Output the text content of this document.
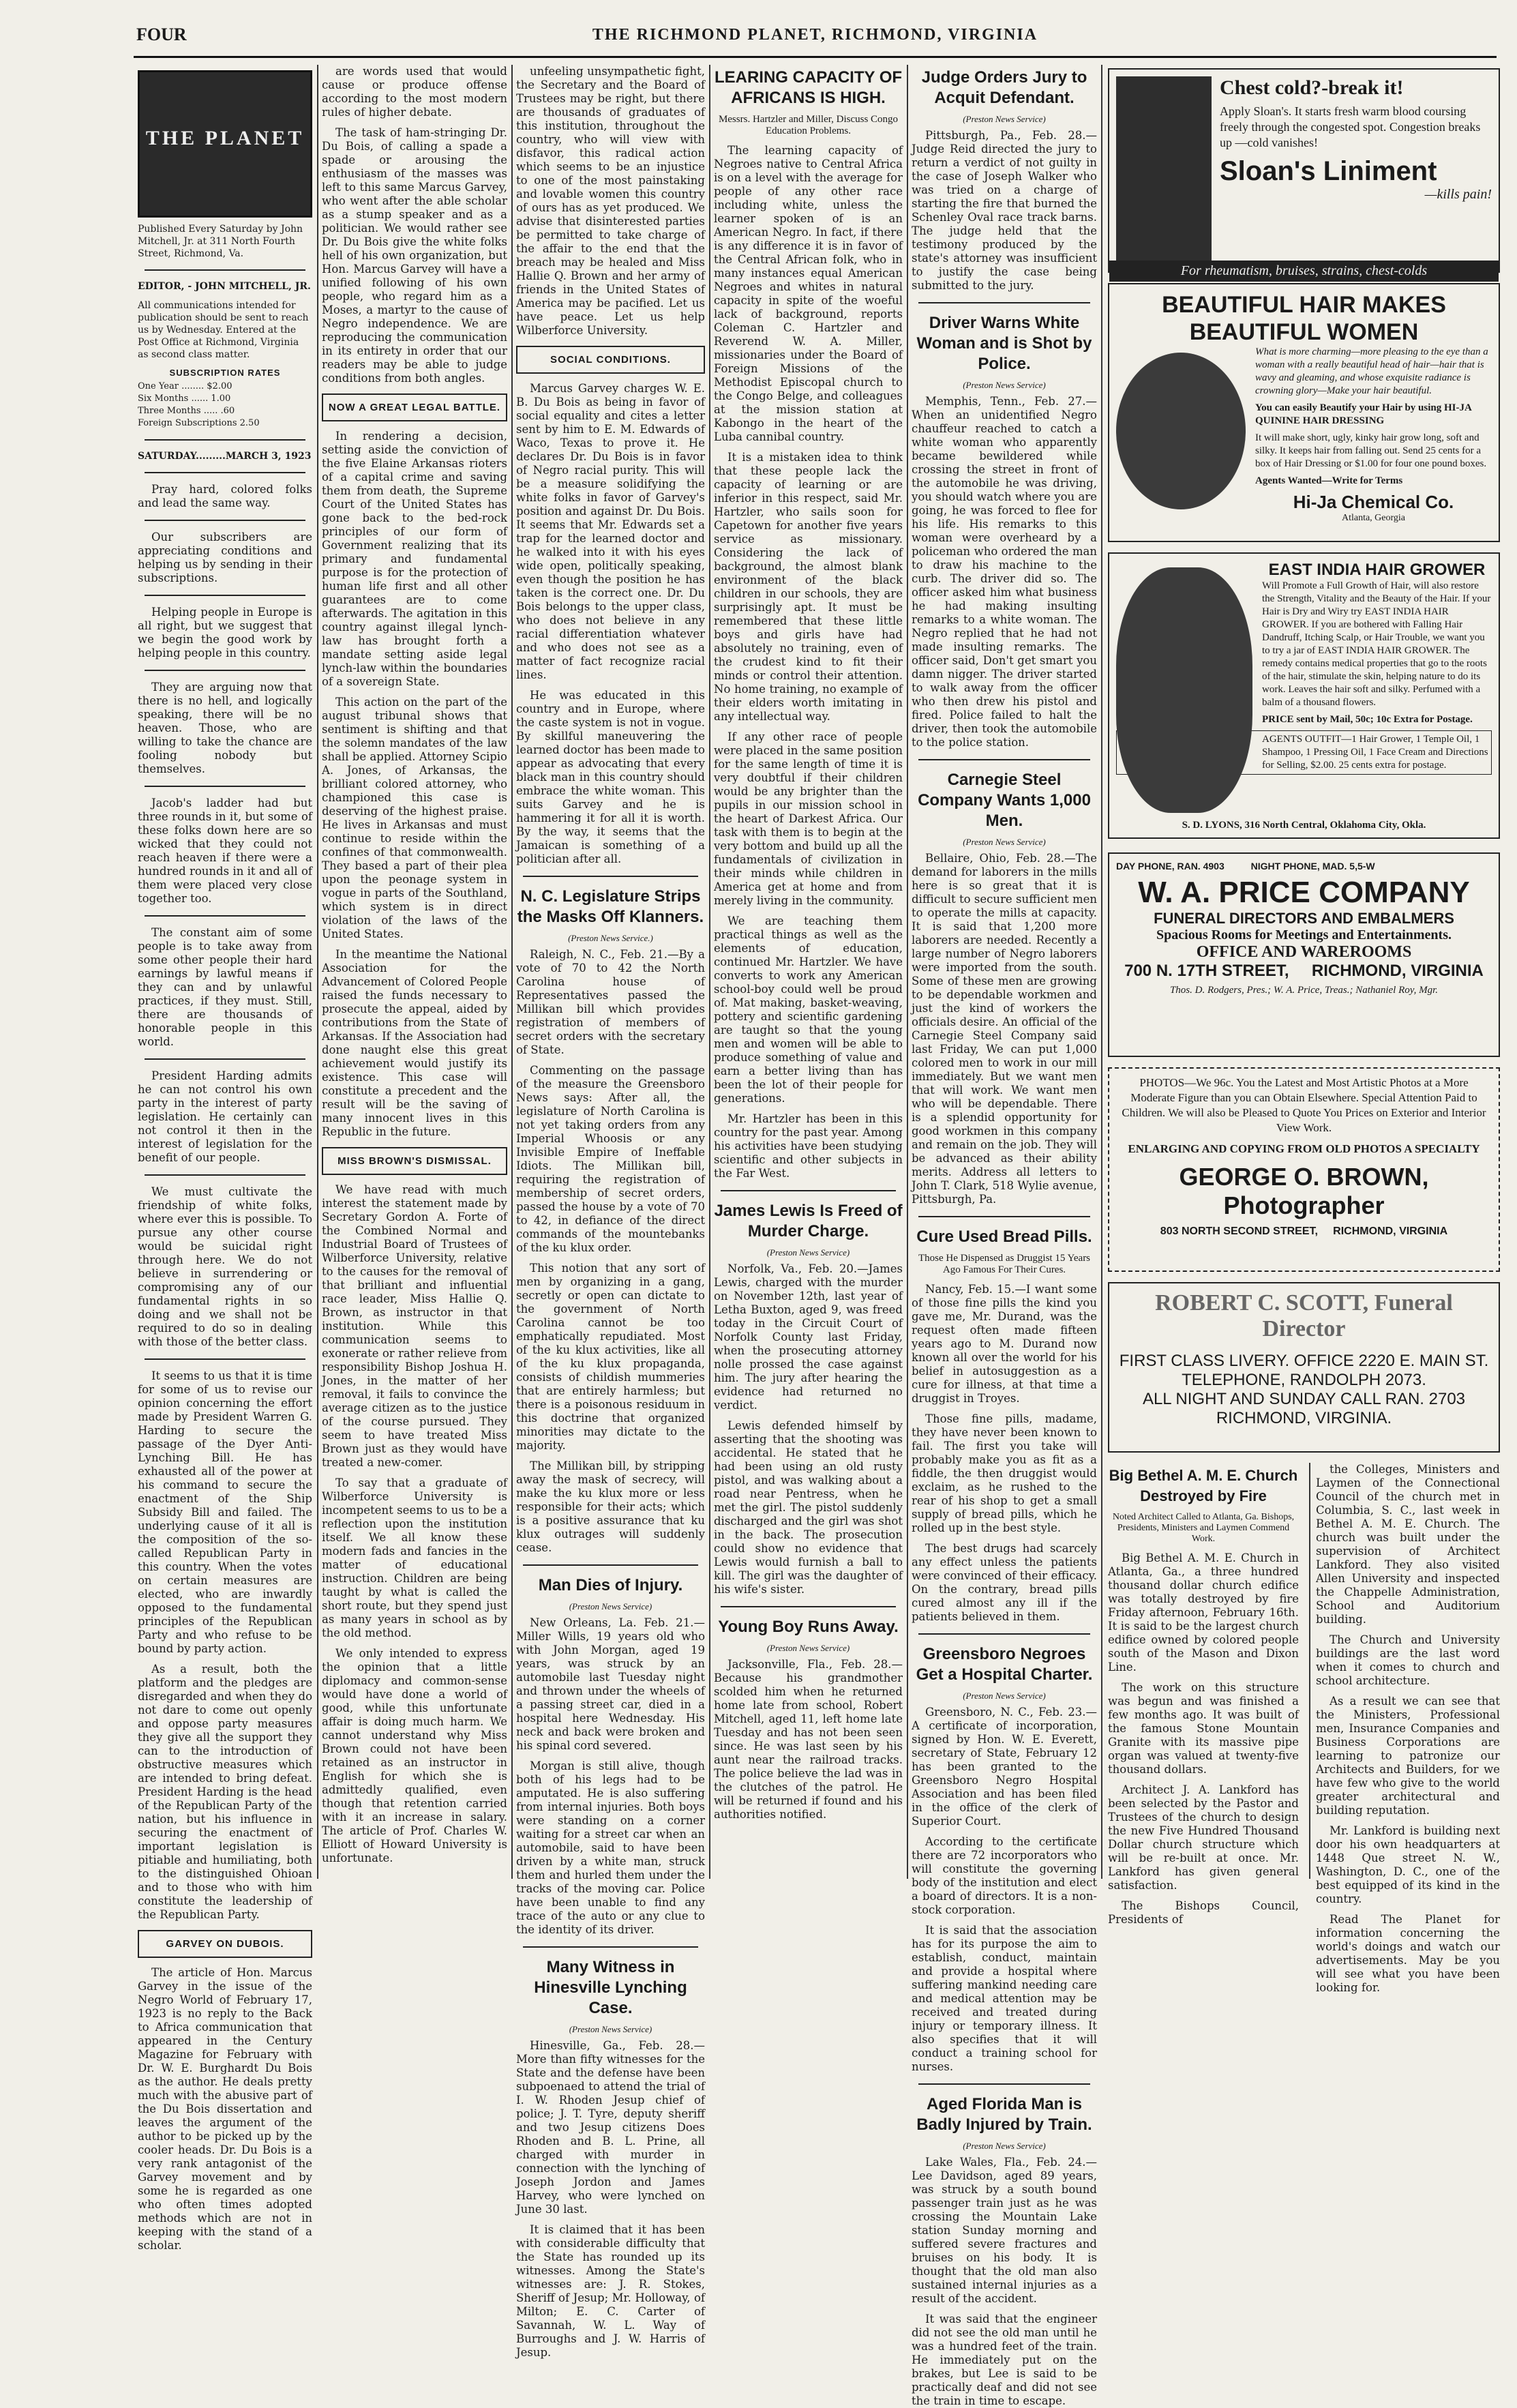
FOUR	THE RICHMOND PLANET, RICHMOND, VIRGINIA
THE PLANET

Published Every Saturday by John Mitchell, Jr. at 311 North Fourth Street, Richmond, Va.

EDITOR, - JOHN MITCHELL, JR.

All communications intended for publication should be sent to reach us by Wednesday. Entered at the Post Office at Richmond, Virginia as second class matter.

SUBSCRIPTION RATES
One Year ........ $2.00
Six Months ...... 1.00
Three Months ..... .60
Foreign Subscriptions 2.50

SATURDAY.........MARCH 3, 1923

Pray hard, colored folks and lead the same way.

Our subscribers are appreciating conditions and helping us by sending in their subscriptions.

Helping people in Europe is all right, but we suggest that we begin the good work by helping people in this country.

They are arguing now that there is no hell, and logically speaking, there will be no heaven. Those, who are willing to take the chance are fooling nobody but themselves.

Jacob's ladder had but three rounds in it, but some of these folks down here are so wicked that they could not reach heaven if there were a hundred rounds in it and all of them were placed very close together too.

The constant aim of some people is to take away from some other people their hard earnings by lawful means if they can and by unlawful practices, if they must. Still, there are thousands of honorable people in this world.

President Harding admits he can not control his own party in the interest of party legislation. He certainly can not control it then in the interest of legislation for the benefit of our people.

We must cultivate the friendship of white folks, where ever this is possible. To pursue any other course would be suicidal right through here. We do not believe in surrendering or compromising any of our fundamental rights in so doing and we shall not be required to do so in dealing with those of the better class.

It seems to us that it is time for some of us to revise our opinion concerning the effort made by President Warren G. Harding to secure the passage of the Dyer Anti-Lynching Bill. He has exhausted all of the power at his command to secure the enactment of the Ship Subsidy Bill and failed. The underlying cause of it all is the composition of the so-called Republican Party in this country. When the votes on certain measures are elected, who are inwardly opposed to the fundamental principles of the Republican Party and who refuse to be bound by party action.

As a result, both the platform and the pledges are disregarded and when they do not dare to come out openly and oppose party measures they give all the support they can to the introduction of obstructive measures which are intended to bring defeat. President Harding is the head of the Republican Party of the nation, but his influence in securing the enactment of important legislation is pitiable and humiliating, both to the distinguished Ohioan and to those who with him constitute the leadership of the Republican Party.

GARVEY ON DUBOIS.

The article of Hon. Marcus Garvey in the issue of the Negro World of February 17, 1923 is no reply to the Back to Africa communication that appeared in the Century Magazine for February with Dr. W. E. Burghardt Du Bois as the author. He deals pretty much with the abusive part of the Du Bois dissertation and leaves the argument of the author to be picked up by the cooler heads. Dr. Du Bois is a very rank antagonist of the Garvey movement and by some he is regarded as one who often times adopted methods which are not in keeping with the stand of a scholar.

are words used that would cause or produce offense according to the most modern rules of higher debate.

The task of ham-stringing Dr. Du Bois, of calling a spade a spade or arousing the enthusiasm of the masses was left to this same Marcus Garvey, who went after the able scholar as a stump speaker and as a politician. We would rather see Dr. Du Bois give the white folks hell of his own organization, but Hon. Marcus Garvey will have a unified following of his own people, who regard him as a Moses, a martyr to the cause of Negro independence. We are reproducing the communication in its entirety in order that our readers may be able to judge conditions from both angles.

NOW A GREAT LEGAL BATTLE.

In rendering a decision, setting aside the conviction of the five Elaine Arkansas rioters of a capital crime and saving them from death, the Supreme Court of the United States has gone back to the bed-rock principles of our form of Government realizing that its primary and fundamental purpose is for the protection of human life first and all other guarantees are to come afterwards. The agitation in this country against illegal lynch-law has brought forth a mandate setting aside legal lynch-law within the boundaries of a sovereign State.

This action on the part of the august tribunal shows that sentiment is shifting and that the solemn mandates of the law shall be applied. Attorney Scipio A. Jones, of Arkansas, the brilliant colored attorney, who championed this case is deserving of the highest praise. He lives in Arkansas and must continue to reside within the confines of that commonwealth. They based a part of their plea upon the peonage system in vogue in parts of the Southland, which system is in direct violation of the laws of the United States.

In the meantime the National Association for the Advancement of Colored People raised the funds necessary to prosecute the appeal, aided by contributions from the State of Arkansas. If the Association had done naught else this great achievement would justify its existence. This case will constitute a precedent and the result will be the saving of many innocent lives in this Republic in the future.

MISS BROWN'S DISMISSAL.

We have read with much interest the statement made by Secretary Gordon A. Forte of the Combined Normal and Industrial Board of Trustees of Wilberforce University, relative to the causes for the removal of that brilliant and influential race leader, Miss Hallie Q. Brown, as instructor in that institution. While this communication seems to exonerate or rather relieve from responsibility Bishop Joshua H. Jones, in the matter of her removal, it fails to convince the average citizen as to the justice of the course pursued. They seem to have treated Miss Brown just as they would have treated a new-comer.

To say that a graduate of Wilberforce University is incompetent seems to us to be a reflection upon the institution itself. We all know these modern fads and fancies in the matter of educational instruction. Children are being taught by what is called the short route, but they spend just as many years in school as by the old method.

We only intended to express the opinion that a little diplomacy and common-sense would have done a world of good, while this unfortunate affair is doing much harm. We cannot understand why Miss Brown could not have been retained as an instructor in English for which she is admittedly qualified, even though that retention carried with it an increase in salary. The article of Prof. Charles W. Elliott of Howard University is unfortunate.

unfeeling unsympathetic fight, the Secretary and the Board of Trustees may be right, but there are thousands of graduates of this institution, throughout the country, who will view with disfavor, this radical action which seems to be an injustice to one of the most painstaking and lovable women this country of ours has as yet produced. We advise that disinterested parties be permitted to take charge of the affair to the end that the breach may be healed and Miss Hallie Q. Brown and her army of friends in the United States of America may be pacified. Let us have peace. Let us help Wilberforce University.

SOCIAL CONDITIONS.

Marcus Garvey charges W. E. B. Du Bois as being in favor of social equality and cites a letter sent by him to E. M. Edwards of Waco, Texas to prove it. He declares Dr. Du Bois is in favor of Negro racial purity. This will be a measure solidifying the white folks in favor of Garvey's position and against Dr. Du Bois. It seems that Mr. Edwards set a trap for the learned doctor and he walked into it with his eyes wide open, politically speaking, even though the position he has taken is the correct one. Dr. Du Bois belongs to the upper class, who does not believe in any racial differentiation whatever and who does not see as a matter of fact recognize racial lines.

He was educated in this country and in Europe, where the caste system is not in vogue. By skillful maneuvering the learned doctor has been made to appear as advocating that every black man in this country should embrace the white woman. This suits Garvey and he is hammering it for all it is worth. By the way, it seems that the Jamaican is something of a politician after all.

N. C. Legislature Strips the Masks Off Klanners.
(Preston News Service.)

Raleigh, N. C., Feb. 21.—By a vote of 70 to 42 the North Carolina house of Representatives passed the Millikan bill which provides registration of members of secret orders with the secretary of State.

Commenting on the passage of the measure the Greensboro News says: After all, the legislature of North Carolina is not yet taking orders from any Imperial Whoosis or any Invisible Empire of Ineffable Idiots. The Millikan bill, requiring the registration of membership of secret orders, passed the house by a vote of 70 to 42, in defiance of the direct commands of the mountebanks of the ku klux order.

This notion that any sort of men by organizing in a gang, secretly or open can dictate to the government of North Carolina cannot be too emphatically repudiated. Most of the ku klux activities, like all of the ku klux propaganda, consists of childish mummeries that are entirely harmless; but there is a poisonous residuum in this doctrine that organized minorities may dictate to the majority.

The Millikan bill, by stripping away the mask of secrecy, will make the ku klux more or less responsible for their acts; which is a positive assurance that ku klux outrages will suddenly cease.

Man Dies of Injury.
(Preston News Service)

New Orleans, La. Feb. 21.—Miller Wills, 19 years old who with John Morgan, aged 19 years, was struck by an automobile last Tuesday night and thrown under the wheels of a passing street car, died in a hospital here Wednesday. His neck and back were broken and his spinal cord severed.

Morgan is still alive, though both of his legs had to be amputated. He is also suffering from internal injuries. Both boys were standing on a corner waiting for a street car when an automobile, said to have been driven by a white man, struck them and hurled them under the tracks of the moving car. Police have been unable to find any trace of the auto or any clue to the identity of its driver.

Many Witness in Hinesville Lynching Case.
(Preston News Service)

Hinesville, Ga., Feb. 28.—More than fifty witnesses for the State and the defense have been subpoenaed to attend the trial of I. W. Rhoden Jesup chief of police; J. T. Tyre, deputy sheriff and two Jesup citizens Does Rhoden and B. L. Prine, all charged with murder in connection with the lynching of Joseph Jordon and James Harvey, who were lynched on June 30 last.

It is claimed that it has been with considerable difficulty that the State has rounded up its witnesses. Among the State's witnesses are: J. R. Stokes, Sheriff of Jesup; Mr. Holloway, of Milton; E. C. Carter of Savannah, W. L. Way of Burroughs and J. W. Harris of Jesup.

LEARING CAPACITY OF AFRICANS IS HIGH.
Messrs. Hartzler and Miller, Discuss Congo Education Problems.

The learning capacity of Negroes native to Central Africa is on a level with the average for people of any other race including white, unless the learner spoken of is an American Negro. In fact, if there is any difference it is in favor of the Central African folk, who in many instances equal American Negroes and whites in natural capacity in spite of the woeful lack of background, reports Coleman C. Hartzler and Reverend W. A. Miller, missionaries under the Board of Foreign Missions of the Methodist Episcopal church to the Congo Belge, and colleagues at the mission station at Kabongo in the heart of the Luba cannibal country.

It is a mistaken idea to think that these people lack the capacity of learning or are inferior in this respect, said Mr. Hartzler, who sails soon for Capetown for another five years service as missionary. Considering the lack of background, the almost blank environment of the black children in our schools, they are surprisingly apt. It must be remembered that these little boys and girls have had absolutely no training, even of the crudest kind to fit their minds or control their attention. No home training, no example of their elders worth imitating in any intellectual way.

If any other race of people were placed in the same position for the same length of time it is very doubtful if their children would be any brighter than the pupils in our mission school in the heart of Darkest Africa. Our task with them is to begin at the very bottom and build up all the fundamentals of civilization in their minds while children in America get at home and from merely living in the community.

We are teaching them practical things as well as the elements of education, continued Mr. Hartzler. We have converts to work any American school-boy could well be proud of. Mat making, basket-weaving, pottery and scientific gardening are taught so that the young men and women will be able to produce something of value and earn a better living than has been the lot of their people for generations.

Mr. Hartzler has been in this country for the past year. Among his activities have been studying scientific and other subjects in the Far West.

James Lewis Is Freed of Murder Charge.
(Preston News Service)

Norfolk, Va., Feb. 20.—James Lewis, charged with the murder on November 12th, last year of Letha Buxton, aged 9, was freed today in the Circuit Court of Norfolk County last Friday, when the prosecuting attorney nolle prossed the case against him. The jury after hearing the evidence had returned no verdict.

Lewis defended himself by asserting that the shooting was accidental. He stated that he had been using an old rusty pistol, and was walking about a road near Pentress, when he met the girl. The pistol suddenly discharged and the girl was shot in the back. The prosecution could show no evidence that Lewis would furnish a ball to kill. The girl was the daughter of his wife's sister.

Young Boy Runs Away.
(Preston News Service)

Jacksonville, Fla., Feb. 28.—Because his grandmother scolded him when he returned home late from school, Robert Mitchell, aged 11, left home late Tuesday and has not been seen since. He was last seen by his aunt near the railroad tracks. The police believe the lad was in the clutches of the patrol. He will be returned if found and his authorities notified.

Judge Orders Jury to Acquit Defendant.
(Preston News Service)

Pittsburgh, Pa., Feb. 28.—Judge Reid directed the jury to return a verdict of not guilty in the case of Joseph Walker who was tried on a charge of starting the fire that burned the Schenley Oval race track barns. The judge held that the testimony produced by the state's attorney was insufficient to justify the case being submitted to the jury.

Driver Warns White Woman and is Shot by Police.
(Preston News Service)

Memphis, Tenn., Feb. 27.—When an unidentified Negro chauffeur reached to catch a white woman who apparently became bewildered while crossing the street in front of the automobile he was driving, you should watch where you are going, he was forced to flee for his life. His remarks to this woman were overheard by a policeman who ordered the man to draw his machine to the curb. The driver did so. The officer asked him what business he had making insulting remarks to a white woman. The Negro replied that he had not made insulting remarks. The officer said, Don't get smart you damn nigger. The driver started to walk away from the officer who then drew his pistol and fired. Police failed to halt the driver, then took the automobile to the police station.

Carnegie Steel Company Wants 1,000 Men.
(Preston News Service)

Bellaire, Ohio, Feb. 28.—The demand for laborers in the mills here is so great that it is difficult to secure sufficient men to operate the mills at capacity. It is said that 1,200 more laborers are needed. Recently a large number of Negro laborers were imported from the south. Some of these men are growing to be dependable workmen and just the kind of workers the officials desire. An official of the Carnegie Steel Company said last Friday, We can put 1,000 colored men to work in our mill immediately. But we want men that will work. We want men who will be dependable. There is a splendid opportunity for good workmen in this company and remain on the job. They will be advanced as their ability merits. Address all letters to John T. Clark, 518 Wylie avenue, Pittsburgh, Pa.

Cure Used Bread Pills.
Those He Dispensed as Druggist 15 Years Ago Famous For Their Cures.

Nancy, Feb. 15.—I want some of those fine pills the kind you gave me, Mr. Durand, was the request often made fifteen years ago to M. Durand now known all over the world for his belief in autosuggestion as a cure for illness, at that time a druggist in Troyes.

Those fine pills, madame, they have never been known to fail. The first you take will probably make you as fit as a fiddle, the then druggist would exclaim, as he rushed to the rear of his shop to get a small supply of bread pills, which he rolled up in the best style.

The best drugs had scarcely any effect unless the patients were convinced of their efficacy. On the contrary, bread pills cured almost any ill if the patients believed in them.

Greensboro Negroes Get a Hospital Charter.
(Preston News Service)

Greensboro, N. C., Feb. 23.—A certificate of incorporation, signed by Hon. W. E. Everett, secretary of State, February 12 has been granted to the Greensboro Negro Hospital Association and has been filed in the office of the clerk of Superior Court.

According to the certificate there are 72 incorporators who will constitute the governing body of the institution and elect a board of directors. It is a non-stock corporation.

It is said that the association has for its purpose the aim to establish, conduct, maintain and provide a hospital where suffering mankind needing care and medical attention may be received and treated during injury or temporary illness. It also specifies that it will conduct a training school for nurses.

Aged Florida Man is Badly Injured by Train.
(Preston News Service)

Lake Wales, Fla., Feb. 24.—Lee Davidson, aged 89 years, was struck by a south bound passenger train just as he was crossing the Mountain Lake station Sunday morning and suffered severe fractures and bruises on his body. It is thought that the old man also sustained internal injuries as a result of the accident.

It was said that the engineer did not see the old man until he was a hundred feet of the train. He immediately put on the brakes, but Lee is said to be practically deaf and did not see the train in time to escape.

Chest cold?-break it!
Apply Sloan's. It starts fresh warm blood coursing freely through the congested spot. Congestion breaks up —cold vanishes!
Sloan's Liniment
—kills pain!
For rheumatism, bruises, strains, chest-colds
BEAUTIFUL HAIR MAKES BEAUTIFUL WOMEN
What is more charming—more pleasing to the eye than a woman with a really beautiful head of hair—hair that is wavy and gleaming, and whose exquisite radiance is crowning glory—Make your hair beautiful.
You can easily Beautify your Hair by using HI-JA QUININE HAIR DRESSING
It will make short, ugly, kinky hair grow long, soft and silky. It keeps hair from falling out. Send 25 cents for a box of Hair Dressing or $1.00 for four one pound boxes.
Agents Wanted—Write for Terms
Hi-Ja Chemical Co.
Atlanta, Georgia
EAST INDIA HAIR GROWER
Will Promote a Full Growth of Hair, will also restore the Strength, Vitality and the Beauty of the Hair. If your Hair is Dry and Wiry try EAST INDIA HAIR GROWER. If you are bothered with Falling Hair Dandruff, Itching Scalp, or Hair Trouble, we want you to try a jar of EAST INDIA HAIR GROWER. The remedy contains medical properties that go to the roots of the hair, stimulate the skin, helping nature to do its work. Leaves the hair soft and silky. Perfumed with a balm of a thousand flowers.
PRICE sent by Mail, 50c; 10c Extra for Postage.
AGENTS OUTFIT—1 Hair Grower, 1 Temple Oil, 1 Shampoo, 1 Pressing Oil, 1 Face Cream and Directions for Selling, $2.00. 25 cents extra for postage.
S. D. LYONS, 316 North Central, Oklahoma City, Okla.
DAY PHONE, RAN. 4903          NIGHT PHONE, MAD. 5,5-W
W. A. PRICE COMPANY
FUNERAL DIRECTORS AND EMBALMERS
Spacious Rooms for Meetings and Entertainments.
OFFICE AND WAREROOMS
700 N. 17TH STREET,     RICHMOND, VIRGINIA
Thos. D. Rodgers, Pres.; W. A. Price, Treas.; Nathaniel Roy, Mgr.
PHOTOS—We 96c. You the Latest and Most Artistic Photos at a More Moderate Figure than you can Obtain Elsewhere. Special Attention Paid to Children. We will also be Pleased to Quote You Prices on Exterior and Interior View Work.
ENLARGING AND COPYING FROM OLD PHOTOS A SPECIALTY
GEORGE O. BROWN, Photographer
803 NORTH SECOND STREET,     RICHMOND, VIRGINIA
ROBERT C. SCOTT, Funeral Director
FIRST CLASS LIVERY. OFFICE 2220 E. MAIN ST.
TELEPHONE, RANDOLPH 2073.
ALL NIGHT AND SUNDAY CALL RAN. 2703
RICHMOND, VIRGINIA.
Big Bethel A. M. E. Church Destroyed by Fire
Noted Architect Called to Atlanta, Ga. Bishops, Presidents, Ministers and Laymen Commend Work.

Big Bethel A. M. E. Church in Atlanta, Ga., a three hundred thousand dollar church edifice was totally destroyed by fire Friday afternoon, February 16th. It is said to be the largest church edifice owned by colored people south of the Mason and Dixon Line.

The work on this structure was begun and was finished a few months ago. It was built of the famous Stone Mountain Granite with its massive pipe organ was valued at twenty-five thousand dollars.

Architect J. A. Lankford has been selected by the Pastor and Trustees of the church to design the new Five Hundred Thousand Dollar church structure which will be re-built at once. Mr. Lankford has given general satisfaction.

The Bishops Council, Presidents of

the Colleges, Ministers and Laymen of the Connectional Council of the church met in Columbia, S. C., last week in Bethel A. M. E. Church. The church was built under the supervision of Architect Lankford. They also visited Allen University and inspected the Chappelle Administration, School and Auditorium building.

The Church and University buildings are the last word when it comes to church and school architecture.

As a result we can see that the Ministers, Professional men, Insurance Companies and Business Corporations are learning to patronize our Architects and Builders, for we have few who give to the world greater architectural and building reputation.

Mr. Lankford is building next door his own headquarters at 1448 Que street N. W., Washington, D. C., one of the best equipped of its kind in the country.

Read The Planet for information concerning the world's doings and watch our advertisements. May be you will see what you have been looking for.
